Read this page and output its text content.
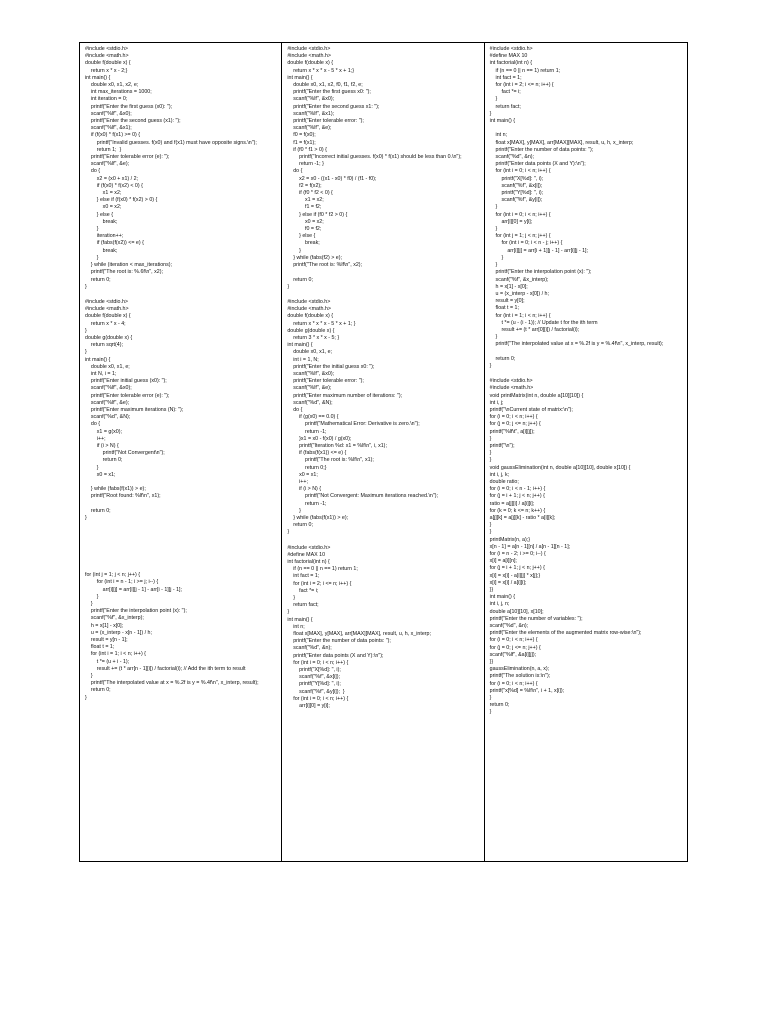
#include <stdio.h>
#include <math.h>
double f(double x) {
return x * x - 2;}
int main() {
double x0, x1, x2, e;
int max_iterations = 1000;
int iteration = 0;
printf("Enter the first guess (x0): ");
scanf("%lf", &x0);
printf("Enter the second guess (x1): ");
scanf("%lf", &x1);
if (f(x0) * f(x1) >= 0) {
printf("Invalid guesses. f(x0) and f(x1) must have opposite signs.\n");
return 1;  }
printf("Enter tolerable error (e): ");
scanf("%lf", &e);
do {
x2 = (x0 + x1) / 2;
if (f(x0) * f(x2) < 0) {
x1 = x2;
} else if (f(x0) * f(x2) > 0) {
x0 = x2;
} else {
break;
}
iteration++;
if (fabs(f(x2)) <= e) {
break;
}
} while (iteration < max_iterations);
printf("The root is: %.6f\n", x2);
return 0;
}
#include <stdio.h>
#include <math.h>
double f(double x) {
return x * x - 4;
}
double g(double x) {
return sqrt(4);
}
int main() {
double x0, x1, e;
int N, i = 1;
printf("Enter initial guess (x0): ");
scanf("%lf", &x0);
printf("Enter tolerable error (e): ");
scanf("%lf", &e);
printf("Enter maximum iterations (N): ");
scanf("%d", &N);
do {
x1 = g(x0);
i++;
if (i > N) {
printf("Not Convergent\n");
return 0;
}
x0 = x1;

} while (fabs(f(x1)) > e);
printf("Root found: %lf\n", x1);

return 0;
}
for (int j = 1; j < n; j++) {
for (int i = n - 1; i >= j; i--) {
arr[i][j] = arr[i][j - 1] - arr[i - 1][j - 1];
}
}
printf("Enter the interpolation point (x): ");
scanf("%f", &x_interp);
h = x[1] - x[0];
u = (x_interp - x[n - 1]) / h;
result = y[n - 1];
float t = 1;
for (int i = 1; i < n; i++) {
t *= (u + i - 1);
result += (t * arr[n - 1][i]) / factorial(i); // Add the ith term to result
}
printf("The interpolated value at x = %.2f is y = %.4f\n", x_interp, result);
return 0;
}
#include <stdio.h>
#include <math.h>
double f(double x) {
return x * x * x - 5 * x + 1;}
int main() {
double x0, x1, x2, f0, f1, f2, e;
printf("Enter the first guess x0: ");
scanf("%lf", &x0);
printf("Enter the second guess x1: ");
scanf("%lf", &x1);
printf("Enter tolerable error: ");
scanf("%lf", &e);
f0 = f(x0);
f1 = f(x1);
if (f0 * f1 > 0) {
printf("Incorrect initial guesses. f(x0) * f(x1) should be less than 0.\n");
return -1; }
do {
x2 = x0 - ((x1 - x0) * f0) / (f1 - f0);
f2 = f(x2);
if (f0 * f2 < 0) {
x1 = x2;
f1 = f2;
} else if (f0 * f2 > 0) {
x0 = x2;
f0 = f2;
} else {
break;
}
} while (fabs(f2) > e);
printf("The root is: %lf\n", x2);

return 0;
}
#include <stdio.h>
#include <math.h>
double f(double x) {
return x * x * x - 5 * x + 1; }
double g(double x) {
return 3 * x * x - 5; }
int main() {
double x0, x1, e;
int i = 1, N;
printf("Enter the initial guess x0: ");
scanf("%lf", &x0);
printf("Enter tolerable error: ");
scanf("%lf", &e);
printf("Enter maximum number of iterations: ");
scanf("%d", &N);
do {
if (g(x0) == 0.0) {
printf("Mathematical Error: Derivative is zero.\n");
return -1;
}x1 = x0 - f(x0) / g(x0);
printf("Iteration %d: x1 = %lf\n", i, x1);
if (fabs(f(x1)) <= e) {
printf("The root is: %lf\n", x1);
return 0;}
x0 = x1;
i++;
if (i > N) {
printf("Not Convergent: Maximum iterations reached.\n");
return -1;
}
} while (fabs(f(x1)) > e);
return 0;
}
#include <stdio.h>
#define MAX 10
int factorial(int n) {
if (n == 0 || n == 1) return 1;
int fact = 1;
for (int i = 2; i <= n; i++) {
fact *= i;
}
return fact;
}
int main() {
int n;
float x[MAX], y[MAX], arr[MAX][MAX], result, u, h, x_interp;
printf("Enter the number of data points: ");
scanf("%d", &n);
printf("Enter data points (X and Y):\n");
for (int i = 0; i < n; i++) {
printf("X[%d]: ", i);
scanf("%f", &x[i]);
printf("Y[%d]: ", i);
scanf("%f", &y[i]);  }
for (int i = 0; i < n; i++) {
arr[i][0] = y[i];
#include <stdio.h>
#define MAX 10
int factorial(int n) {
if (n == 0 || n == 1) return 1;
int fact = 1;
for (int i = 2; i <= n; i++) {
fact *= i;
}
return fact;
}
int main() {

int n;
float x[MAX], y[MAX], arr[MAX][MAX], result, u, h, x_interp;
printf("Enter the number of data points: ");
scanf("%d", &n);
printf("Enter data points (X and Y):\n");
for (int i = 0; i < n; i++) {
printf("X[%d]: ", i);
scanf("%f", &x[i]);
printf("Y[%d]: ", i);
scanf("%f", &y[i]);
}
for (int i = 0; i < n; i++) {
arr[i][0] = y[i];
}
for (int j = 1; j < n; j++) {
for (int i = 0; i < n - j; i++) {
arr[i][j] = arr[i + 1][j - 1] - arr[i][j - 1];
}
}
printf("Enter the interpolation point (x): ");
scanf("%f", &x_interp);
h = x[1] - x[0];
u = (x_interp - x[0]) / h;
result = y[0];
float t = 1;
for (int i = 1; i < n; i++) {
t *= (u - (i - 1)); // Update t for the ith term
result += (t * arr[0][i]) / factorial(i);
}
printf("The interpolated value at x = %.2f is y = %.4f\n", x_interp, result);

return 0;
}
#include <stdio.h>
#include <math.h>
void printMatrix(int n, double a[10][10]) {
int i, j;
printf("\nCurrent state of matrix:\n");
for (i = 0; i < n; i++) {
for (j = 0; j <= n; j++) {
printf("%lf\t", a[i][j]);
}
printf("\n");
}
}
void gaussElimination(int n, double a[10][10], double x[10]) {
int i, j, k;
double ratio;
for (i = 0; i < n - 1; i++) {
for (j = i + 1; j < n; j++) {
ratio = a[j][i] / a[i][i];
for (k = 0; k <= n; k++) {
a[j][k] = a[j][k] - ratio * a[i][k];
}
}
printMatrix(n, a);}
x[n - 1] = a[n - 1][n] / a[n - 1][n - 1];
for (i = n - 2; i >= 0; i--) {
x[i] = a[i][n];
for (j = i + 1; j < n; j++) {
x[i] = x[i] - a[i][j] * x[j];}
x[i] = x[i] / a[i][i];
}}
int main() {
int i, j, n;
double a[10][10], x[10];
printf("Enter the number of variables: ");
scanf("%d", &n);
printf("Enter the elements of the augmented matrix row-wise:\n");
for (i = 0; i < n; i++) {
for (j = 0; j <= n; j++) {
scanf("%lf", &a[i][j]);
}}
gaussElimination(n, a, x);
printf("The solution is:\n");
for (i = 0; i < n; i++) {
printf("x[%d] = %lf\n", i + 1, x[i]);
}
return 0;
}
